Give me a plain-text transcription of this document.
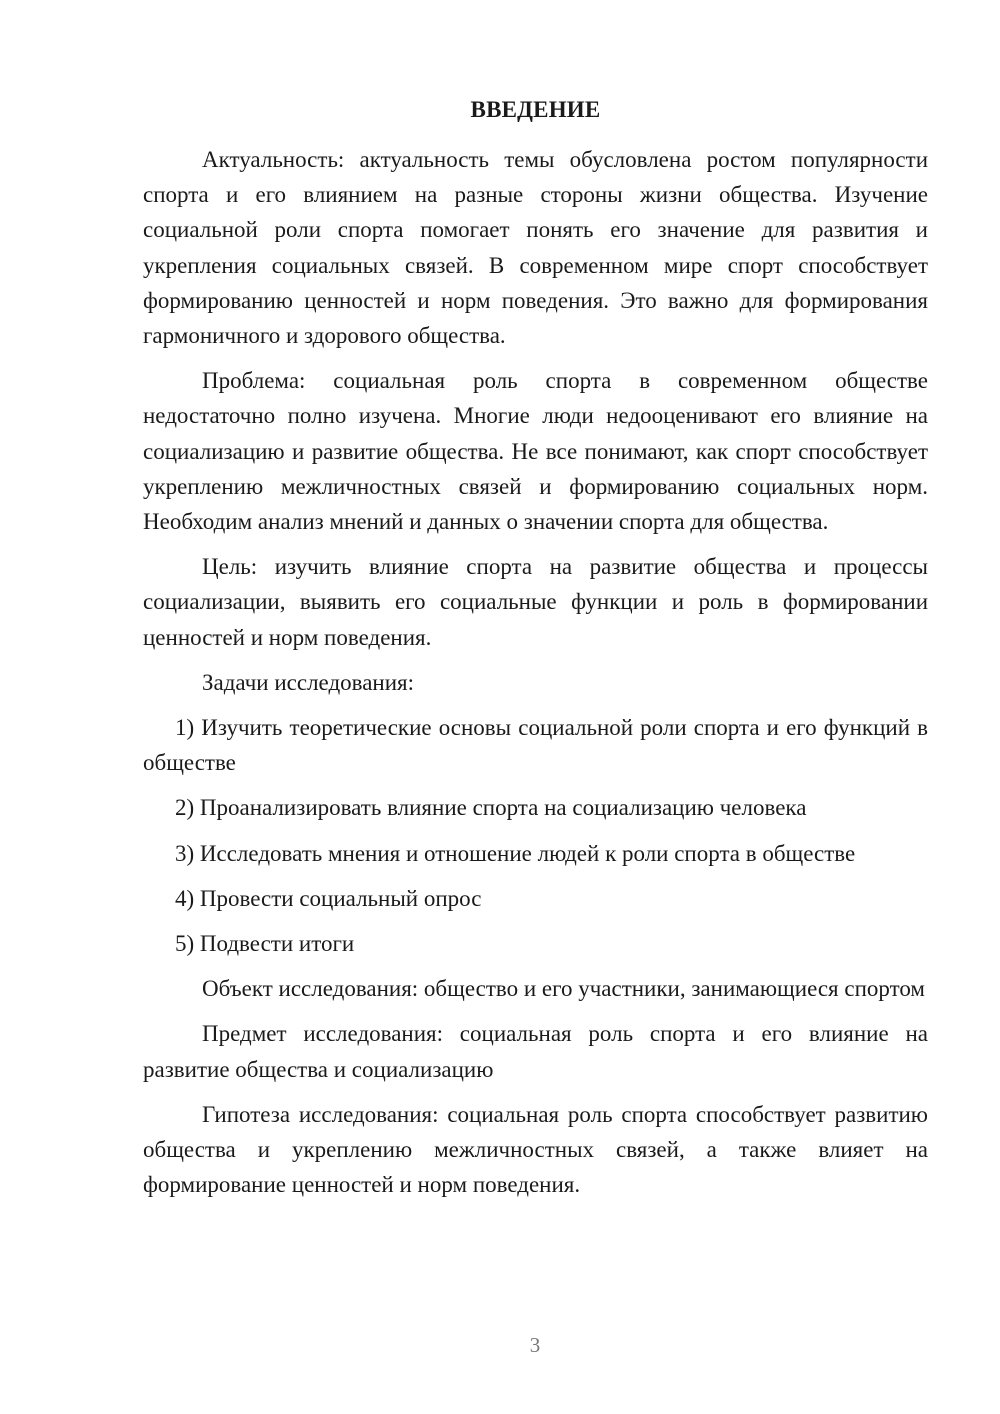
ВВЕДЕНИЕ

Актуальность: актуальность темы обусловлена ростом популярности спорта и его влиянием на разные стороны жизни общества. Изучение социальной роли спорта помогает понять его значение для развития и укрепления социальных связей. В современном мире спорт способствует формированию ценностей и норм поведения. Это важно для формирования гармоничного и здорового общества.

Проблема: социальная роль спорта в современном обществе недостаточно полно изучена. Многие люди недооценивают его влияние на социализацию и развитие общества. Не все понимают, как спорт способствует укреплению межличностных связей и формированию социальных норм. Необходим анализ мнений и данных о значении спорта для общества.

Цель: изучить влияние спорта на развитие общества и процессы социализации, выявить его социальные функции и роль в формировании ценностей и норм поведения.

Задачи исследования:

1) Изучить теоретические основы социальной роли спорта и его функций в обществе

2) Проанализировать влияние спорта на социализацию человека

3) Исследовать мнения и отношение людей к роли спорта в обществе

4) Провести социальный опрос

5) Подвести итоги

Объект исследования: общество и его участники, занимающиеся спортом

Предмет исследования: социальная роль спорта и его влияние на развитие общества и социализацию

Гипотеза исследования: социальная роль спорта способствует развитию общества и укреплению межличностных связей, а также влияет на формирование ценностей и норм поведения.

3
